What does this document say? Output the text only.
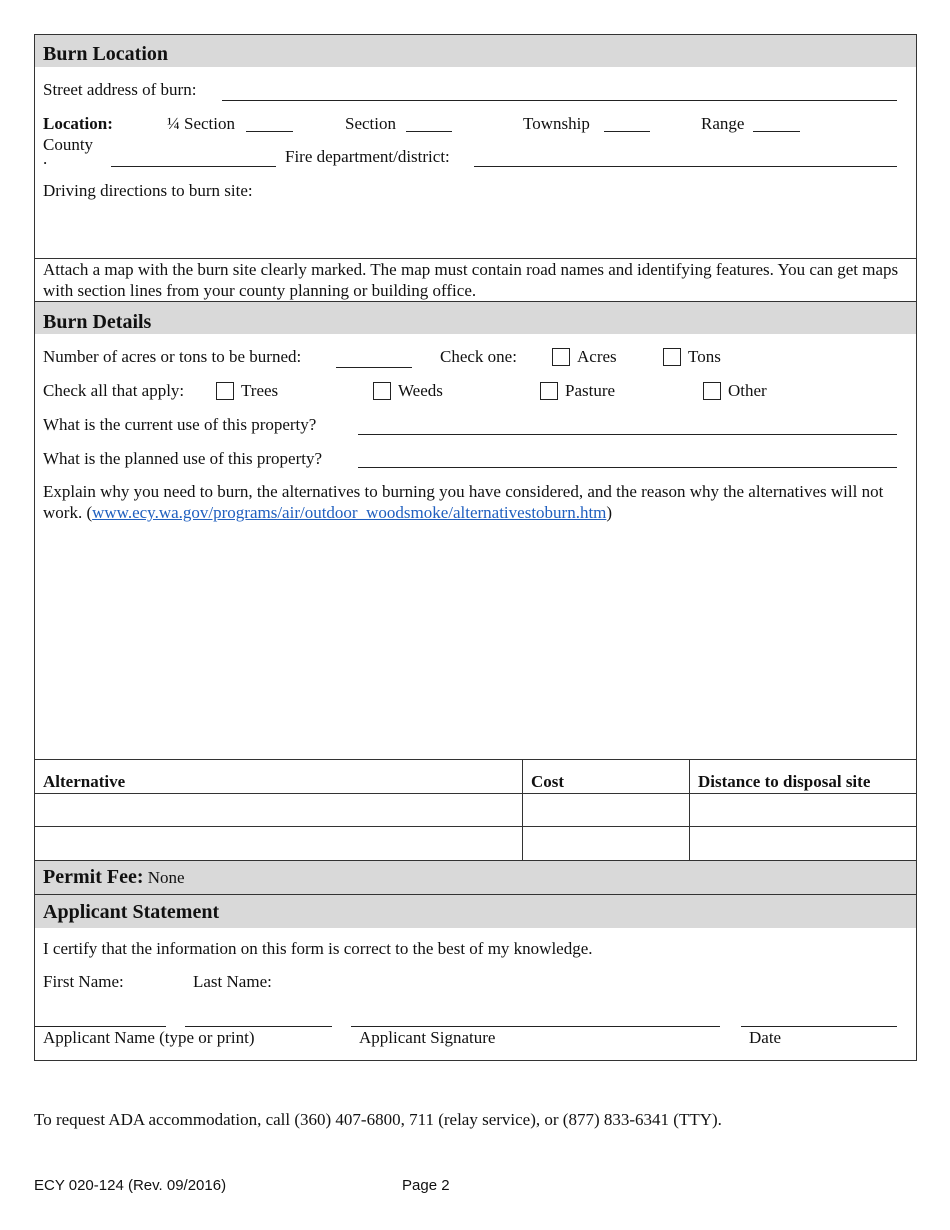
Burn Location
Street address of burn:
Location:	¼ Section	Section	Township	Range
County
.	Fire department/district:
Driving directions to burn site:
Attach a map with the burn site clearly marked. The map must contain road names and identifying features. You can get maps with section lines from your county planning or building office.
Burn Details
Number of acres or tons to be burned:	Check one:	Acres	Tons
Check all that apply:	Trees	Weeds	Pasture	Other
What is the current use of this property?
What is the planned use of this property?
Explain why you need to burn, the alternatives to burning you have considered, and the reason why the alternatives will not work. (www.ecy.wa.gov/programs/air/outdoor_woodsmoke/alternativestoburn.htm)
Alternative	Cost	Distance to disposal site
Permit Fee: None
Applicant Statement
I certify that the information on this form is correct to the best of my knowledge.
First Name:	Last Name:
Applicant Name (type or print)	Applicant Signature	Date
To request ADA accommodation, call (360) 407-6800, 711 (relay service), or (877) 833-6341 (TTY).
ECY 020-124 (Rev. 09/2016)	Page 2
